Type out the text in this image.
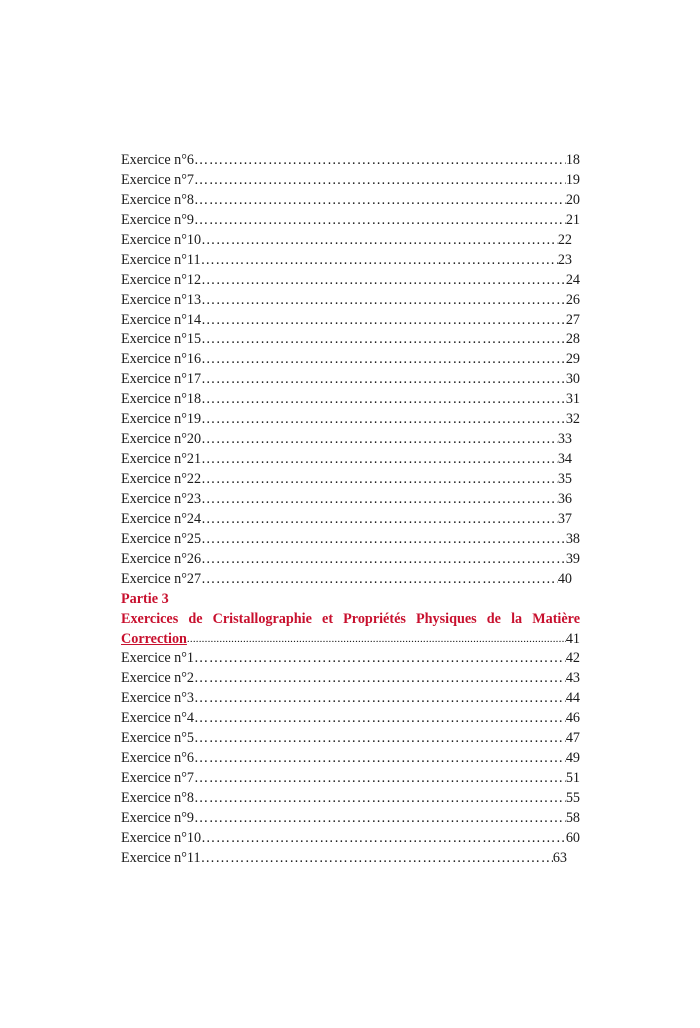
Exercice n°6 ………………………………………………………………………………………………………………………………………	18
Exercice n°7 ………………………………………………………………………………………………………………………………………	19
Exercice n°8 ………………………………………………………………………………………………………………………………………	20
Exercice n°9 ………………………………………………………………………………………………………………………………………	21
Exercice n°10 ………………………………………………………………………………………………………………………………………	22
Exercice n°11 ………………………………………………………………………………………………………………………………………	23
Exercice n°12 ………………………………………………………………………………………………………………………………………	24
Exercice n°13 ………………………………………………………………………………………………………………………………………	26
Exercice n°14 ………………………………………………………………………………………………………………………………………	27
Exercice n°15 ………………………………………………………………………………………………………………………………………	28
Exercice n°16 ………………………………………………………………………………………………………………………………………	29
Exercice n°17 ………………………………………………………………………………………………………………………………………	30
Exercice n°18 ………………………………………………………………………………………………………………………………………	31
Exercice n°19 ………………………………………………………………………………………………………………………………………	32
Exercice n°20 ………………………………………………………………………………………………………………………………………	33
Exercice n°21 ………………………………………………………………………………………………………………………………………	34
Exercice n°22 ………………………………………………………………………………………………………………………………………	35
Exercice n°23 ………………………………………………………………………………………………………………………………………	36
Exercice n°24 ………………………………………………………………………………………………………………………………………	37
Exercice n°25 ………………………………………………………………………………………………………………………………………	38
Exercice n°26 ………………………………………………………………………………………………………………………………………	39
Exercice n°27 ………………………………………………………………………………………………………………………………………	40
Partie 3
Exercices de Cristallographie et Propriétés Physiques de la Matière
Correction .....	41
Exercice n°1 ………………………………………………………………………………………………………………………………………	42
Exercice n°2 ………………………………………………………………………………………………………………………………………	43
Exercice n°3 ………………………………………………………………………………………………………………………………………	44
Exercice n°4 ………………………………………………………………………………………………………………………………………	46
Exercice n°5 ………………………………………………………………………………………………………………………………………	47
Exercice n°6 ………………………………………………………………………………………………………………………………………	49
Exercice n°7 ………………………………………………………………………………………………………………………………………	51
Exercice n°8 ………………………………………………………………………………………………………………………………………	55
Exercice n°9 ………………………………………………………………………………………………………………………………………	58
Exercice n°10 ………………………………………………………………………………………………………………………………………	60
Exercice n°11 ………………………………………………………………………………………………………………………………………	63
